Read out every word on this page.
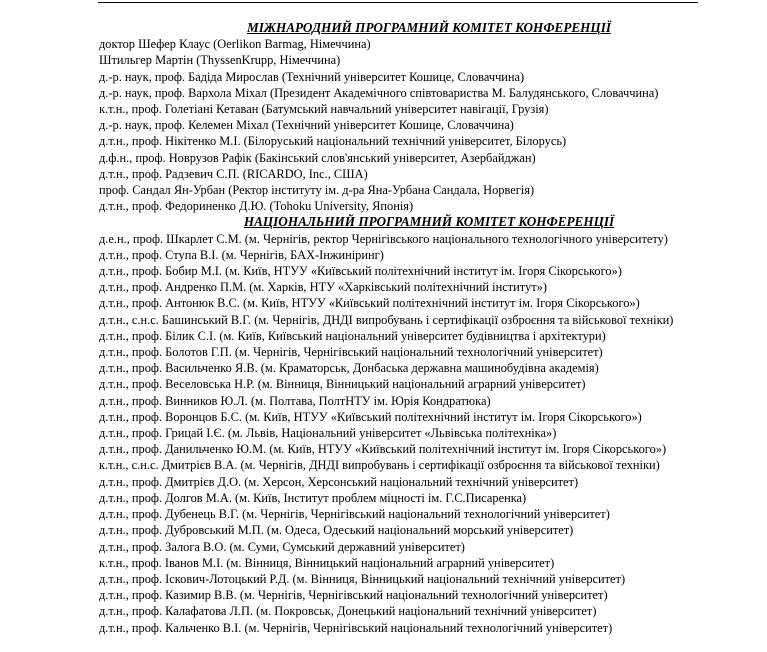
МІЖНАРОДНИЙ ПРОГРАМНИЙ КОМІТЕТ КОНФЕРЕНЦІЇ
доктор Шефер Клаус (Oerlikon Barmag, Німеччина)
Штильгер Мартін (ThyssenKrupp, Німеччина)
д.-р. наук, проф. Бадіда Мирослав (Технічний університет Кошице, Словаччина)
д.-р. наук, проф. Вархола Міхал (Президент Академічного співтовариства М. Балудянського, Словаччина)
к.т.н., проф. Голетіані Кетаван (Батумський навчальний університет навігації, Грузія)
д.-р. наук, проф. Келемен Міхал (Технічний університет Кошице, Словаччина)
д.т.н., проф. Нікітенко М.І. (Білоруський національний технічний університет, Білорусь)
д.ф.н., проф. Новрузов Рафік (Бакінський слов'янський університет, Азербайджан)
д.т.н., проф. Радзевич С.П. (RICARDO, Inc., США)
проф. Сандал Ян-Урбан (Ректор інституту ім. д-ра Яна-Урбана Сандала, Норвегія)
д.т.н., проф. Федориненко Д.Ю. (Tohoku University, Японія)
НАЦІОНАЛЬНИЙ ПРОГРАМНИЙ КОМІТЕТ КОНФЕРЕНЦІЇ
д.е.н., проф. Шкарлет С.М. (м. Чернігів, ректор Чернігівського національного технологічного університету)
д.т.н., проф. Ступа В.І. (м. Чернігів, БАХ-Інжиніринг)
д.т.н., проф. Бобир М.І. (м. Київ, НТУУ «Київський політехнічний інститут ім. Ігоря Сікорського»)
д.т.н., проф. Андренко П.М. (м. Харків, НТУ «Харківський політехнічний інститут»)
д.т.н., проф. Антонюк В.С. (м. Київ, НТУУ «Київський політехнічний інститут ім. Ігоря Сікорського»)
д.т.н., с.н.с. Башинський В.Г. (м. Чернігів, ДНДІ випробувань і сертифікації озброєння та військової техніки)
д.т.н., проф. Білик С.І. (м. Київ, Київський національний університет будівництва і архітектури)
д.т.н., проф. Болотов Г.П. (м. Чернігів, Чернігівський національний технологічний університет)
д.т.н., проф. Васильченко Я.В. (м. Краматорськ, Донбаська державна машинобудівна академія)
д.т.н., проф. Веселовська Н.Р. (м. Вінниця, Вінницький національний аграрний університет)
д.т.н., проф. Винников Ю.Л. (м. Полтава, ПолтНТУ ім. Юрія Кондратюка)
д.т.н., проф. Воронцов Б.С. (м. Київ, НТУУ «Київський політехнічний інститут ім. Ігоря Сікорського»)
д.т.н., проф. Грицай І.Є. (м. Львів, Національний університет «Львівська політехніка»)
д.т.н., проф. Данильченко Ю.М. (м. Київ, НТУУ «Київський політехнічний інститут ім. Ігоря Сікорського»)
к.т.н., с.н.с. Дмитрієв В.А. (м. Чернігів, ДНДІ випробувань і сертифікації озброєння та військової техніки)
д.т.н., проф. Дмитрієв Д.О. (м. Херсон, Херсонський національний технічний університет)
д.т.н., проф. Долгов М.А. (м. Київ, Інститут проблем міцності ім. Г.С.Писаренка)
д.т.н., проф. Дубенець В.Г. (м. Чернігів, Чернігівський національний технологічний університет)
д.т.н., проф. Дубровський М.П. (м. Одеса, Одеський національний морський університет)
д.т.н., проф. Залога В.О. (м. Суми, Сумський державний університет)
к.т.н., проф. Іванов М.І. (м. Вінниця, Вінницький національний аграрний університет)
д.т.н., проф. Іскович-Лотоцький Р.Д. (м. Вінниця, Вінницький національний технічний університет)
д.т.н., проф. Казимир В.В. (м. Чернігів, Чернігівський національний технологічний університет)
д.т.н., проф. Калафатова Л.П. (м. Покровськ, Донецький національний технічний університет)
д.т.н., проф. Кальченко В.І. (м. Чернігів, Чернігівський національний технологічний університет)
